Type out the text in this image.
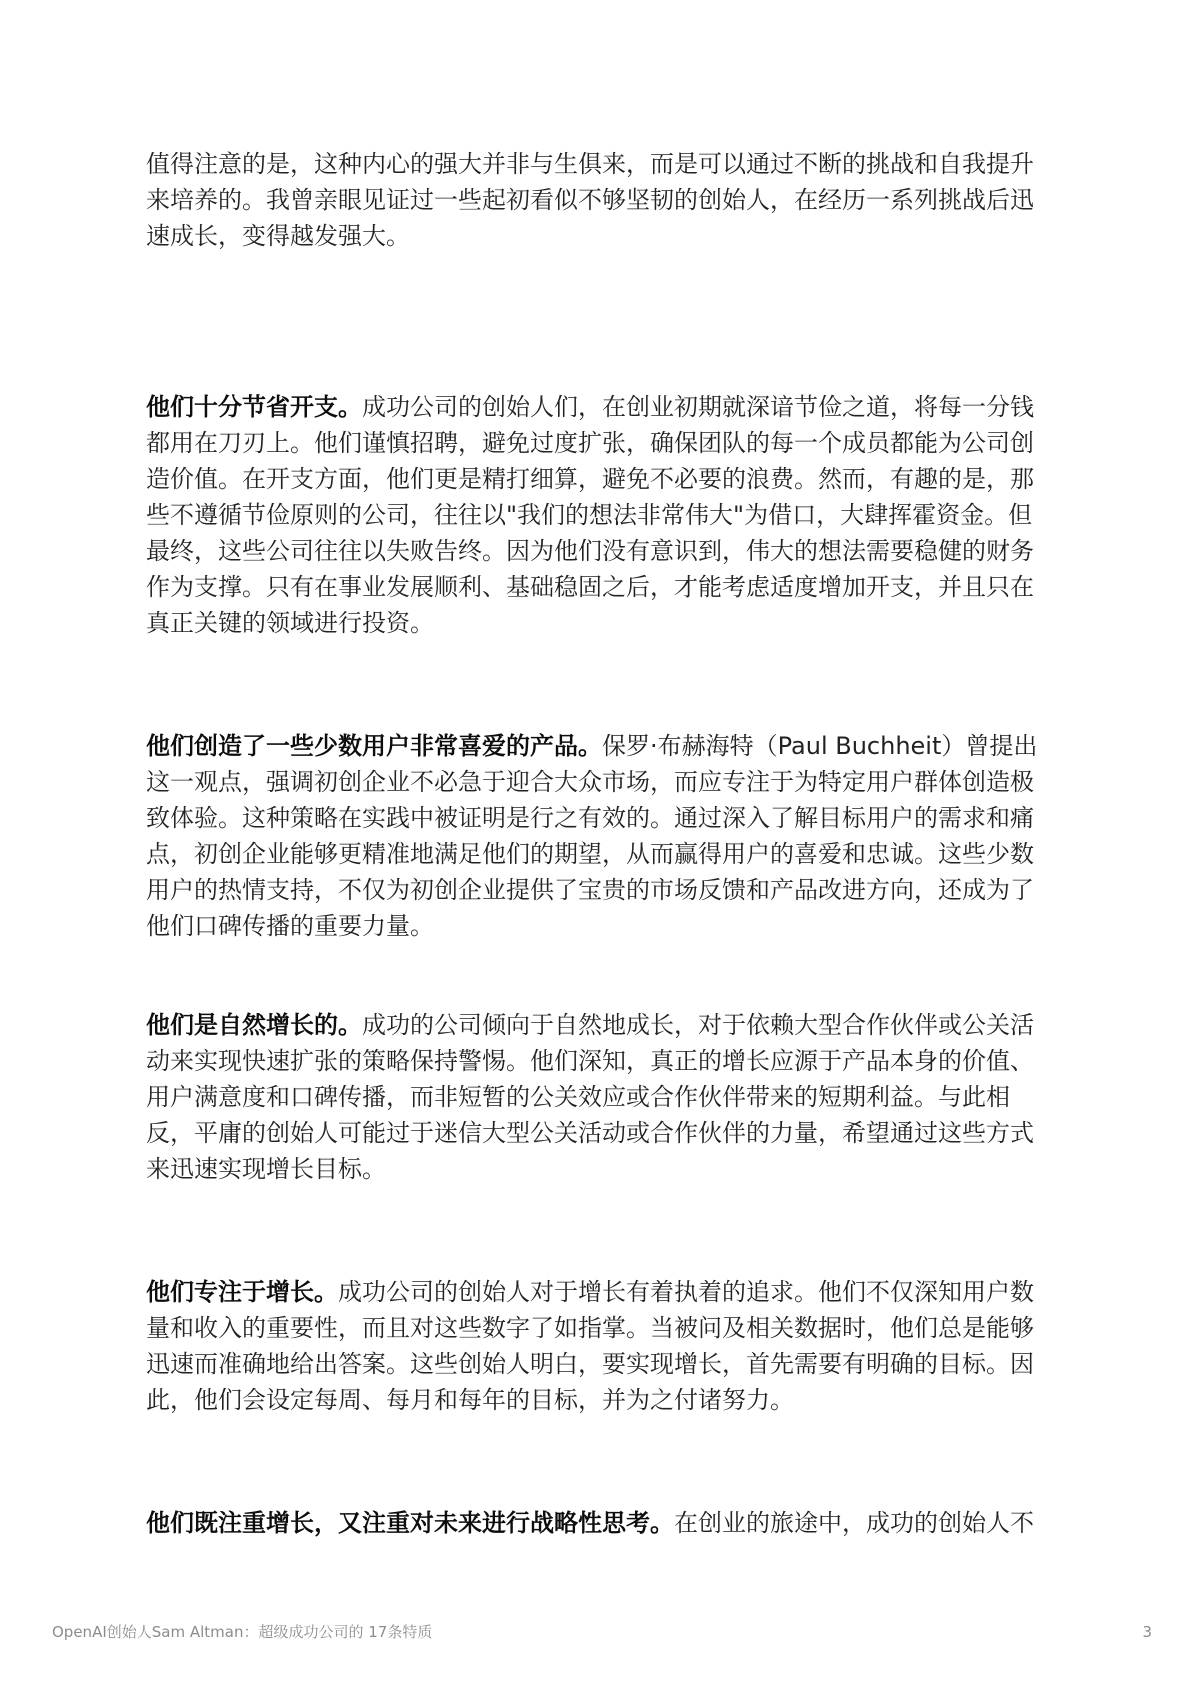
值得注意的是，这种内心的强大并非与生俱来，而是可以通过不断的挑战和自我提升
来培养的。我曾亲眼见证过一些起初看似不够坚韧的创始人，在经历一系列挑战后迅
速成长，变得越发强大。
他们十分节省开支。成功公司的创始人们，在创业初期就深谙节俭之道，将每一分钱
都用在刀刃上。他们谨慎招聘，避免过度扩张，确保团队的每一个成员都能为公司创
造价值。在开支方面，他们更是精打细算，避免不必要的浪费。然而，有趣的是，那
些不遵循节俭原则的公司，往往以"我们的想法非常伟大"为借口，大肆挥霍资金。但
最终，这些公司往往以失败告终。因为他们没有意识到，伟大的想法需要稳健的财务
作为支撑。只有在事业发展顺利、基础稳固之后，才能考虑适度增加开支，并且只在
真正关键的领域进行投资。
他们创造了一些少数用户非常喜爱的产品。保罗·布赫海特（Paul Buchheit）曾提出
这一观点，强调初创企业不必急于迎合大众市场，而应专注于为特定用户群体创造极
致体验。这种策略在实践中被证明是行之有效的。通过深入了解目标用户的需求和痛
点，初创企业能够更精准地满足他们的期望，从而赢得用户的喜爱和忠诚。这些少数
用户的热情支持，不仅为初创企业提供了宝贵的市场反馈和产品改进方向，还成为了
他们口碑传播的重要力量。
他们是自然增长的。成功的公司倾向于自然地成长，对于依赖大型合作伙伴或公关活
动来实现快速扩张的策略保持警惕。他们深知，真正的增长应源于产品本身的价值、
用户满意度和口碑传播，而非短暂的公关效应或合作伙伴带来的短期利益。与此相
反，平庸的创始人可能过于迷信大型公关活动或合作伙伴的力量，希望通过这些方式
来迅速实现增长目标。
他们专注于增长。成功公司的创始人对于增长有着执着的追求。他们不仅深知用户数
量和收入的重要性，而且对这些数字了如指掌。当被问及相关数据时，他们总是能够
迅速而准确地给出答案。这些创始人明白，要实现增长，首先需要有明确的目标。因
此，他们会设定每周、每月和每年的目标，并为之付诸努力。
他们既注重增长，又注重对未来进行战略性思考。在创业的旅途中，成功的创始人不
OpenAI创始人Sam Altman：超级成功公司的 17条特质	3
